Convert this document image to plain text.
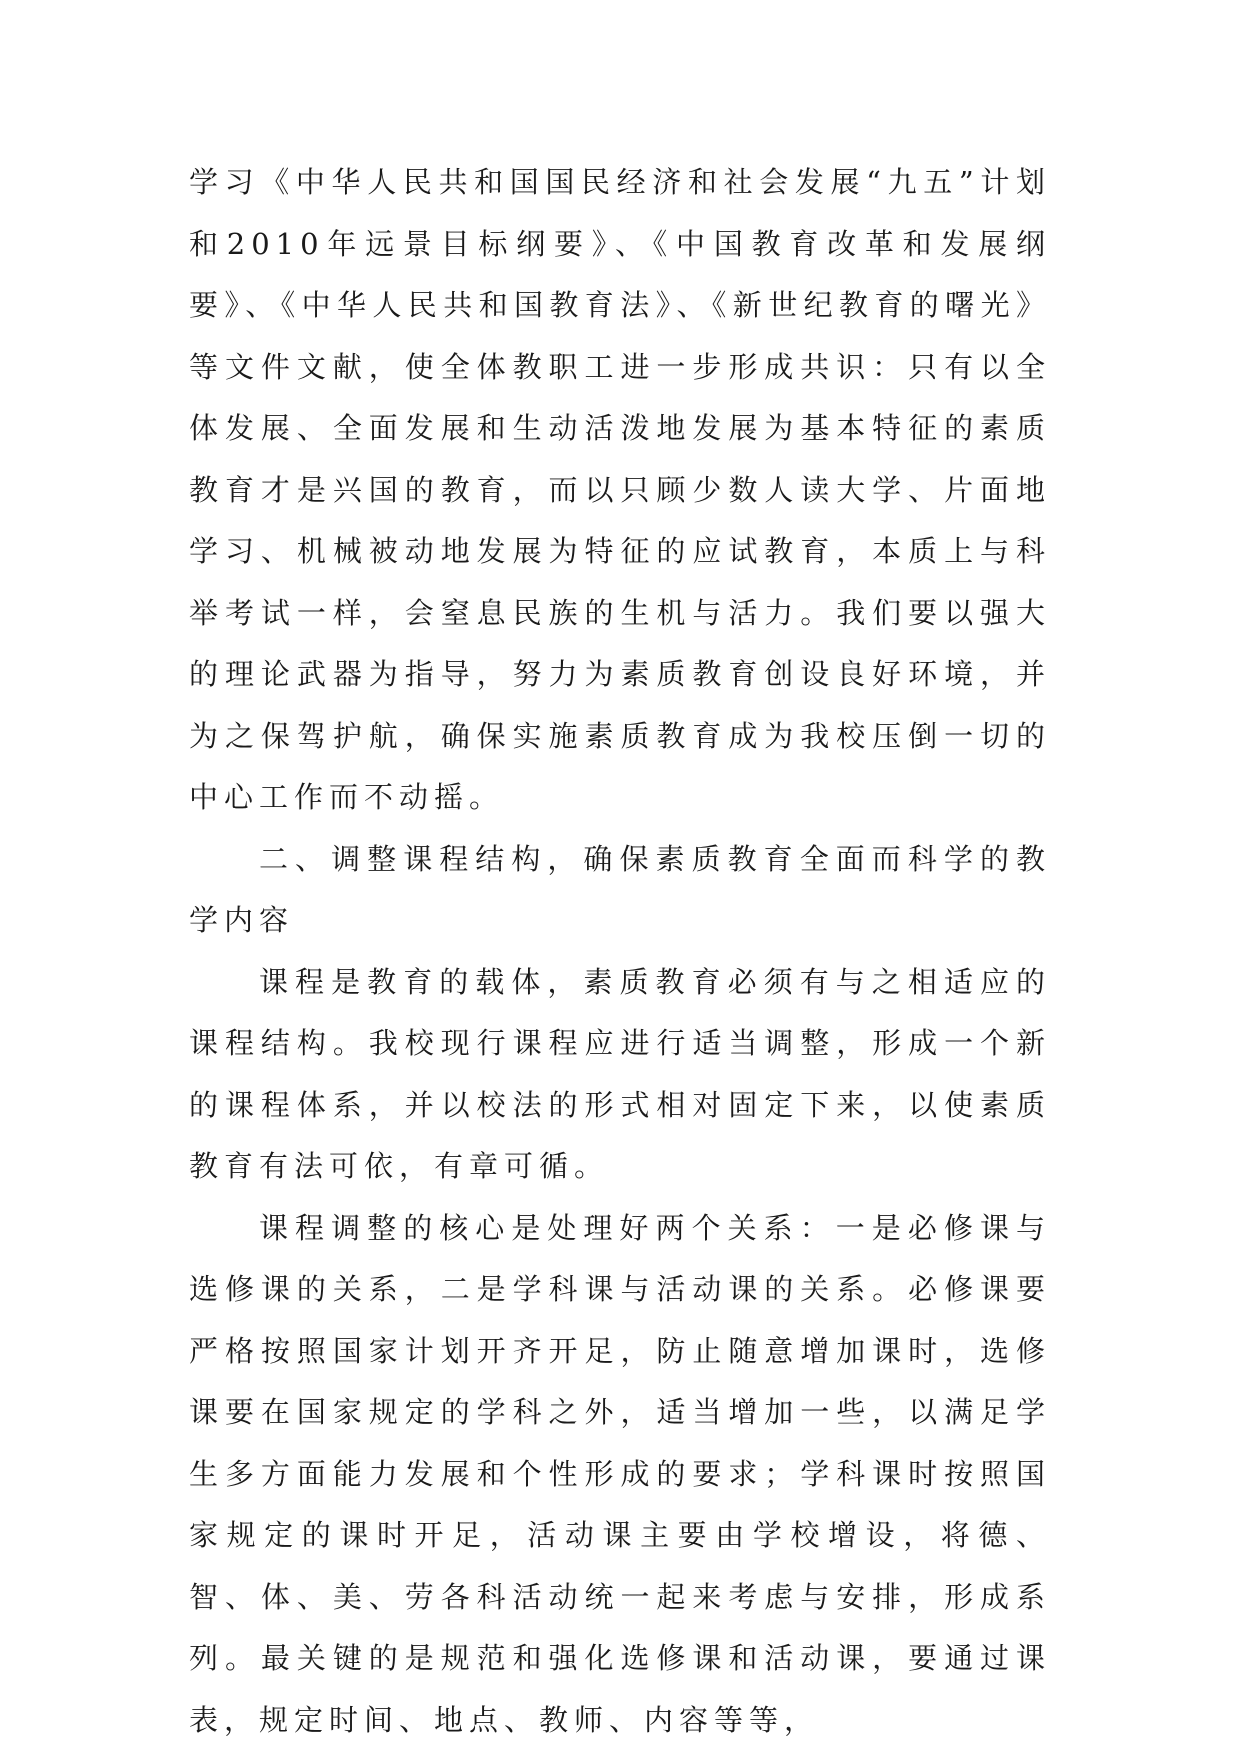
学习《中华人民共和国国民经济和社会发展“九五”计划和2010年远景目标纲要》、《中国教育改革和发展纲要》、《中华人民共和国教育法》、《新世纪教育的曙光》等文件文献，使全体教职工进一步形成共识：只有以全体发展、全面发展和生动活泼地发展为基本特征的素质教育才是兴国的教育，而以只顾少数人读大学、片面地学习、机械被动地发展为特征的应试教育，本质上与科举考试一样，会窒息民族的生机与活力。我们要以强大的理论武器为指导，努力为素质教育创设良好环境，并为之保驾护航，确保实施素质教育成为我校压倒一切的中心工作而不动摇。

二、调整课程结构，确保素质教育全面而科学的教学内容

课程是教育的载体，素质教育必须有与之相适应的课程结构。我校现行课程应进行适当调整，形成一个新的课程体系，并以校法的形式相对固定下来，以使素质教育有法可依，有章可循。

课程调整的核心是处理好两个关系：一是必修课与选修课的关系，二是学科课与活动课的关系。必修课要严格按照国家计划开齐开足，防止随意增加课时，选修课要在国家规定的学科之外，适当增加一些，以满足学生多方面能力发展和个性形成的要求；学科课时按照国家规定的课时开足，活动课主要由学校增设，将德、智、体、美、劳各科活动统一起来考虑与安排，形成系列。最关键的是规范和强化选修课和活动课，要通过课表，规定时间、地点、教师、内容等等，
